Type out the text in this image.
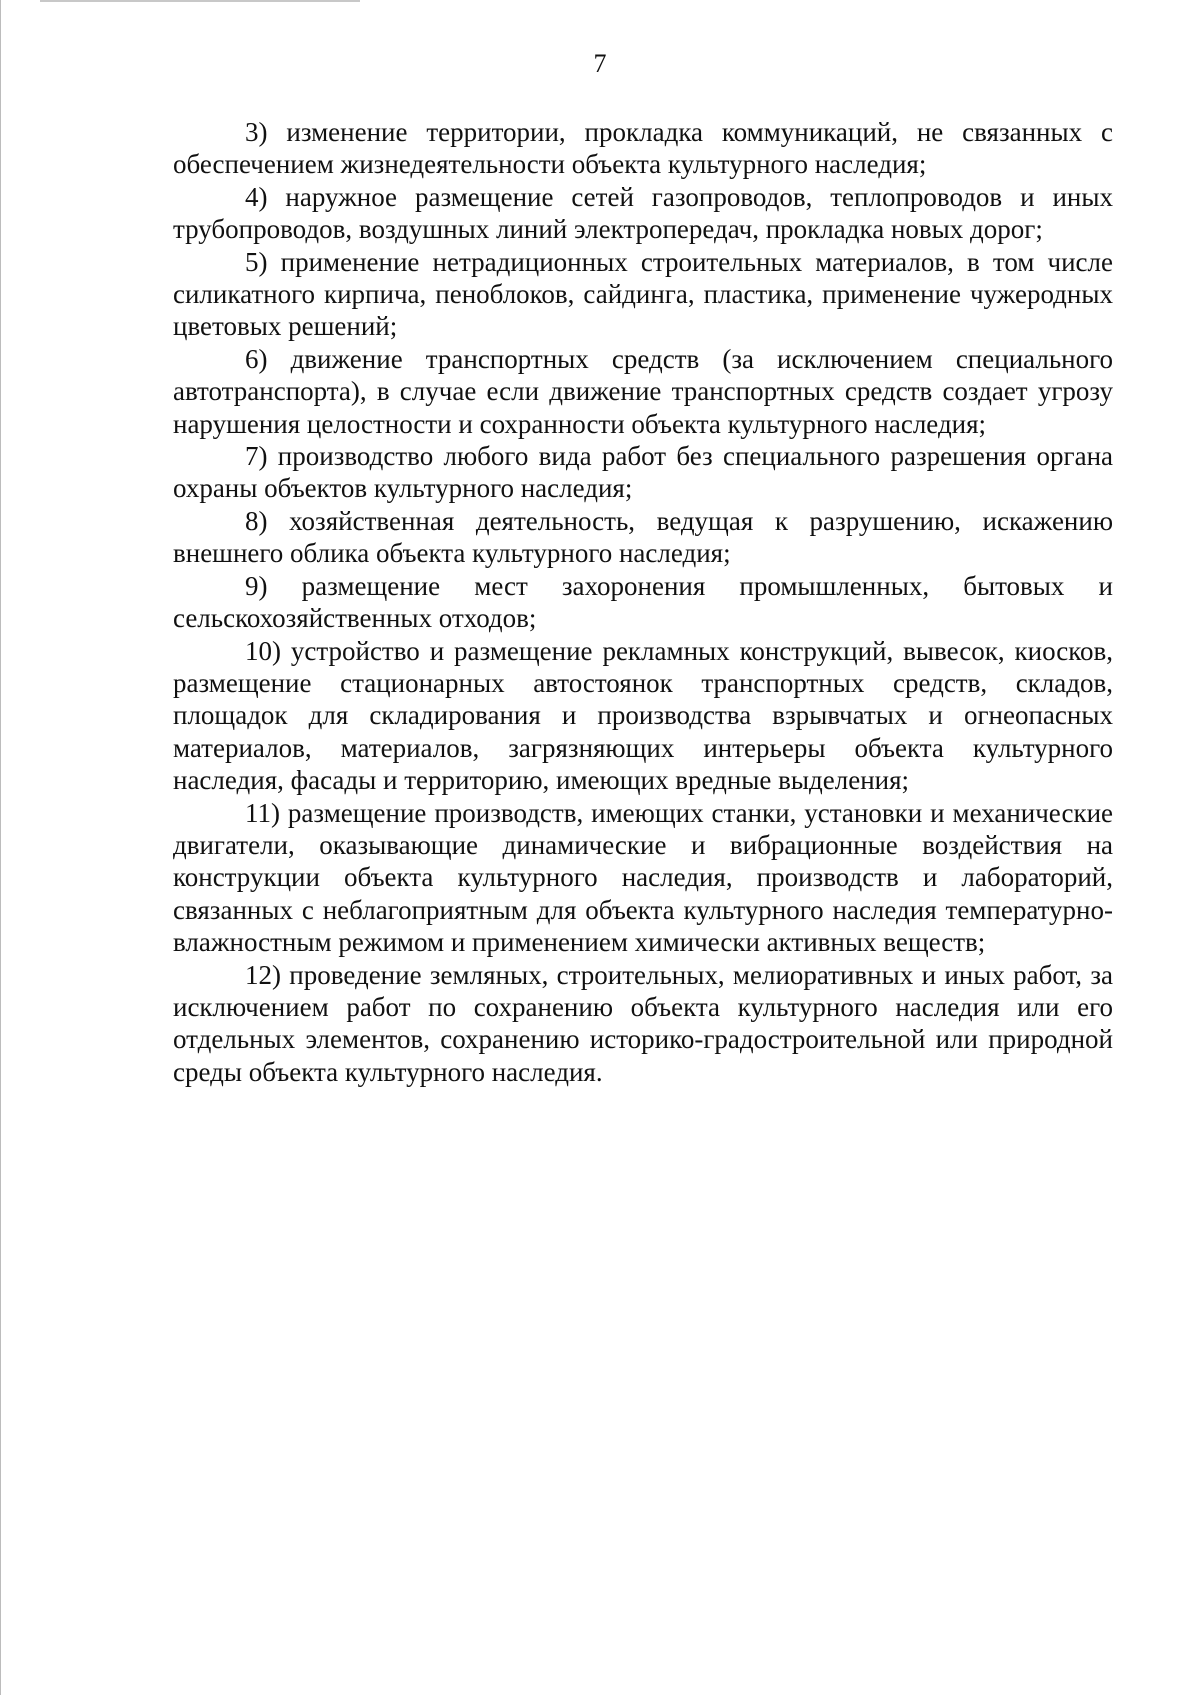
7

3) изменение территории, прокладка коммуникаций, не связанных с обеспечением жизнедеятельности объекта культурного наследия;

4) наружное размещение сетей газопроводов, теплопроводов и иных трубопроводов, воздушных линий электропередач, прокладка новых дорог;

5) применение нетрадиционных строительных материалов, в том числе силикатного кирпича, пеноблоков, сайдинга, пластика, применение чужеродных цветовых решений;

6) движение транспортных средств (за исключением специального автотранспорта), в случае если движение транспортных средств создает угрозу нарушения целостности и сохранности объекта культурного наследия;

7) производство любого вида работ без специального разрешения органа охраны объектов культурного наследия;

8) хозяйственная деятельность, ведущая к разрушению, искажению внешнего облика объекта культурного наследия;

9) размещение мест захоронения промышленных, бытовых и сельскохозяйственных отходов;

10) устройство и размещение рекламных конструкций, вывесок, киосков, размещение стационарных автостоянок транспортных средств, складов, площадок для складирования и производства взрывчатых и огнеопасных материалов, материалов, загрязняющих интерьеры объекта культурного наследия, фасады и территорию, имеющих вредные выделения;

11) размещение производств, имеющих станки, установки и механические двигатели, оказывающие динамические и вибрационные воздействия на конструкции объекта культурного наследия, производств и лабораторий, связанных с неблагоприятным для объекта культурного наследия температурно-влажностным режимом и применением химически активных веществ;

12) проведение земляных, строительных, мелиоративных и иных работ, за исключением работ по сохранению объекта культурного наследия или его отдельных элементов, сохранению историко-градостроительной или природной среды объекта культурного наследия.
